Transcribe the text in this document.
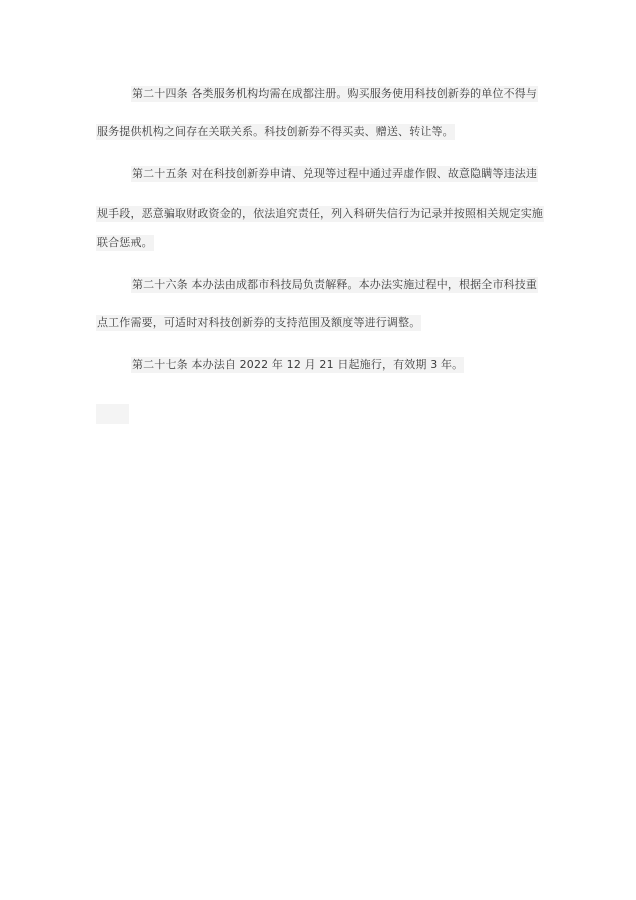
第二十四条 各类服务机构均需在成都注册。购买服务使用科技创新券的单位不得与
服务提供机构之间存在关联关系。科技创新券不得买卖、赠送、转让等。
第二十五条 对在科技创新券申请、兑现等过程中通过弄虚作假、故意隐瞒等违法违
规手段，恶意骗取财政资金的，依法追究责任，列入科研失信行为记录并按照相关规定实施
联合惩戒。
第二十六条 本办法由成都市科技局负责解释。本办法实施过程中，根据全市科技重
点工作需要，可适时对科技创新券的支持范围及额度等进行调整。
第二十七条 本办法自 2022 年 12 月 21 日起施行，有效期 3 年。
